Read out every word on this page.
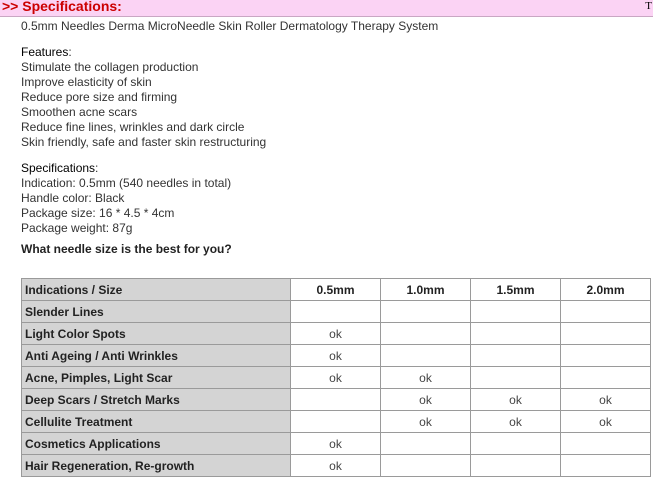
>> Specifications:	T
0.5mm Needles Derma MicroNeedle Skin Roller Dermatology Therapy System
Features:
Stimulate the collagen production
Improve elasticity of skin
Reduce pore size and firming
Smoothen acne scars
Reduce fine lines, wrinkles and dark circle
Skin friendly, safe and faster skin restructuring
Specifications:
Indication: 0.5mm (540 needles in total)
Handle color: Black
Package size: 16 * 4.5 * 4cm
Package weight: 87g
What needle size is the best for you?
Indications / Size	0.5mm	1.0mm	1.5mm	2.0mm
Slender Lines				
Light Color Spots	ok			
Anti Ageing / Anti Wrinkles	ok			
Acne, Pimples, Light Scar	ok	ok		
Deep Scars / Stretch Marks		ok	ok	ok
Cellulite Treatment		ok	ok	ok
Cosmetics Applications	ok			
Hair Regeneration, Re-growth	ok			
